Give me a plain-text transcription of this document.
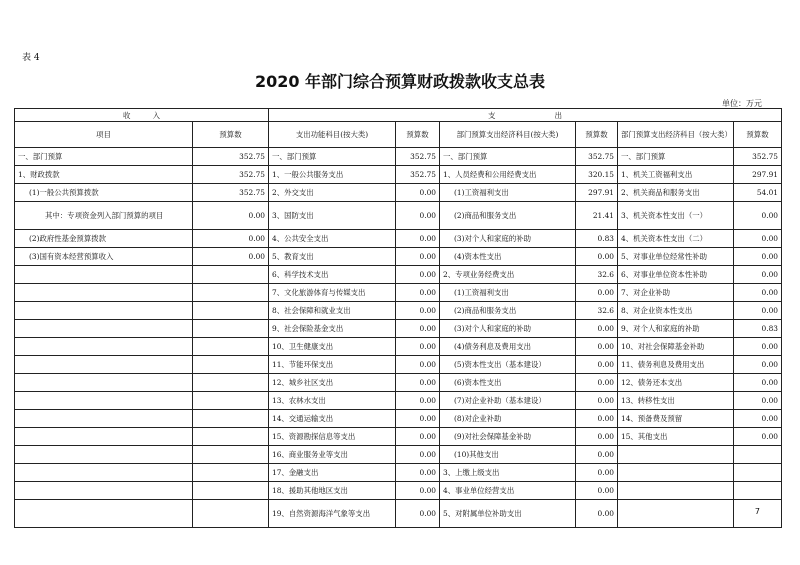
表 4
2020 年部门综合预算财政拨款收支总表
单位：万元
7
收　　　入		支　　　　　　　　出					
项目	预算数	支出功能科目(按大类)	预算数	部门预算支出经济科目(按大类)	预算数	部门预算支出经济科目（按大类）	预算数
一、部门预算	352.75	一、部门预算	352.75	一、部门预算	352.75	一、部门预算	352.75
1、财政拨款	352.75	1、一般公共服务支出	352.75	1、人员经费和公用经费支出	320.15	1、机关工资福利支出	297.91
(1)一般公共预算拨款	352.75	2、外交支出	0.00	(1)工资福利支出	297.91	2、机关商品和服务支出	54.01
其中：专项资金列入部门预算的项目	0.00	3、国防支出	0.00	(2)商品和服务支出	21.41	3、机关资本性支出（一）	0.00
(2)政府性基金预算拨款	0.00	4、公共安全支出	0.00	(3)对个人和家庭的补助	0.83	4、机关资本性支出（二）	0.00
(3)国有资本经营预算收入	0.00	5、教育支出	0.00	(4)资本性支出	0.00	5、对事业单位经常性补助	0.00
		6、科学技术支出	0.00	2、专项业务经费支出	32.6	6、对事业单位资本性补助	0.00
		7、文化旅游体育与传媒支出	0.00	(1)工资福利支出	0.00	7、对企业补助	0.00
		8、社会保障和就业支出	0.00	(2)商品和服务支出	32.6	8、对企业资本性支出	0.00
		9、社会保险基金支出	0.00	(3)对个人和家庭的补助	0.00	9、对个人和家庭的补助	0.83
		10、卫生健康支出	0.00	(4)债务利息及费用支出	0.00	10、对社会保障基金补助	0.00
		11、节能环保支出	0.00	(5)资本性支出（基本建设）	0.00	11、债务利息及费用支出	0.00
		12、城乡社区支出	0.00	(6)资本性支出	0.00	12、债务还本支出	0.00
		13、农林水支出	0.00	(7)对企业补助（基本建设）	0.00	13、转移性支出	0.00
		14、交通运输支出	0.00	(8)对企业补助	0.00	14、预备费及预留	0.00
		15、资源勘探信息等支出	0.00	(9)对社会保障基金补助	0.00	15、其他支出	0.00
		16、商业服务业等支出	0.00	(10)其他支出	0.00		
		17、金融支出	0.00	3、上缴上级支出	0.00		
		18、援助其他地区支出	0.00	4、事业单位经营支出	0.00		
		19、自然资源海洋气象等支出	0.00	5、对附属单位补助支出	0.00		
